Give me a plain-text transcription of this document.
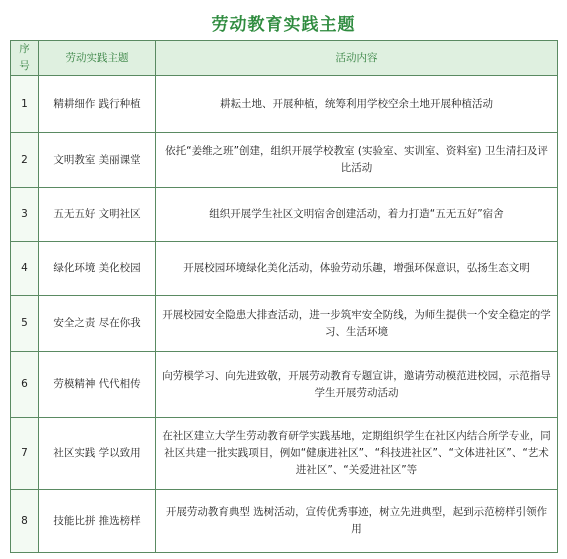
劳动教育实践主题
序号	劳动实践主题	活动内容
1	精耕细作 践行种植	耕耘土地、开展种植，统筹利用学校空余土地开展种植活动
2	文明教室 美丽课堂	依托“姜维之班”创建，组织开展学校教室 (实验室、实训室、资料室) 卫生清扫及评比活动
3	五无五好 文明社区	组织开展学生社区文明宿舍创建活动，着力打造“五无五好”宿舍
4	绿化环境 美化校园	开展校园环境绿化美化活动，体验劳动乐趣，增强环保意识，弘扬生态文明
5	安全之责 尽在你我	开展校园安全隐患大排查活动，进一步筑牢安全防线，为师生提供一个安全稳定的学习、生活环境
6	劳模精神 代代相传	向劳模学习、向先进致敬，开展劳动教育专题宣讲，邀请劳动模范进校园，示范指导学生开展劳动活动
7	社区实践 学以致用	在社区建立大学生劳动教育研学实践基地，定期组织学生在社区内结合所学专业，同社区共建一批实践项目，例如“健康进社区”、“科技进社区”、“文体进社区”、“艺术进社区”、“关爱进社区”等
8	技能比拼 推选榜样	开展劳动教育典型 选树活动，宣传优秀事迹，树立先进典型，起到示范榜样引领作用
